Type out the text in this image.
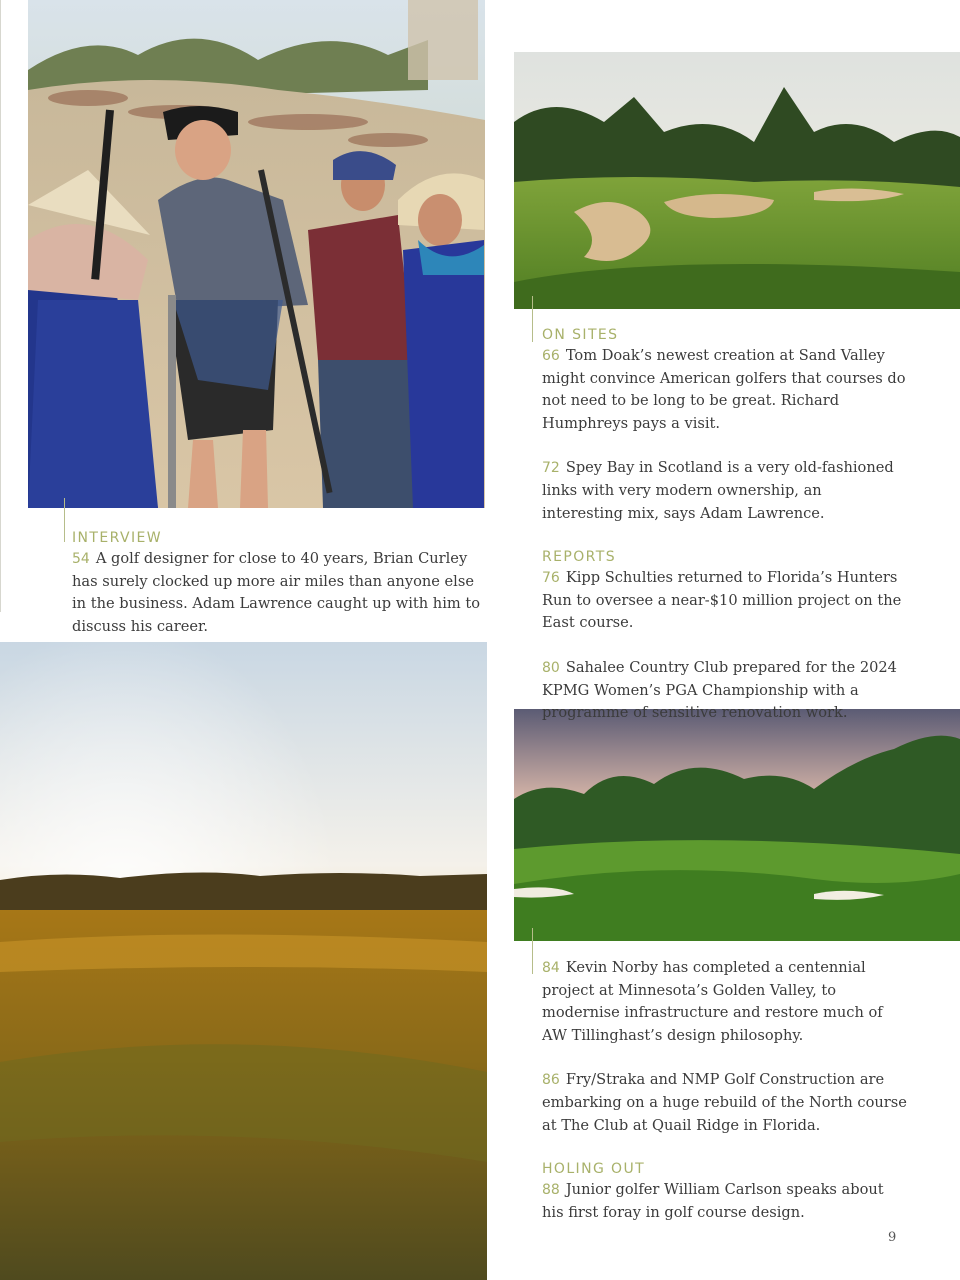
INTERVIEW

54 A golf designer for close to 40 years, Brian Curley has surely clocked up more air miles than anyone else in the business. Adam Lawrence caught up with him to discuss his career.

ON SITES

66 Tom Doak’s newest creation at Sand Valley might convince American golfers that courses do not need to be long to be great. Richard Humphreys pays a visit.

72 Spey Bay in Scotland is a very old-fashioned links with very modern ownership, an interesting mix, says Adam Lawrence.

REPORTS

76 Kipp Schulties returned to Florida’s Hunters Run to oversee a near-$10 million project on the East course.

80 Sahalee Country Club prepared for the 2024 KPMG Women’s PGA Championship with a programme of sensitive renovation work.

84 Kevin Norby has completed a centennial project at Minnesota’s Golden Valley, to modernise infrastructure and restore much of AW Tillinghast’s design philosophy.

86 Fry/Straka and NMP Golf Construction are embarking on a huge rebuild of the North course at The Club at Quail Ridge in Florida.

HOLING OUT

88 Junior golfer William Carlson speaks about his first foray in golf course design.

9
